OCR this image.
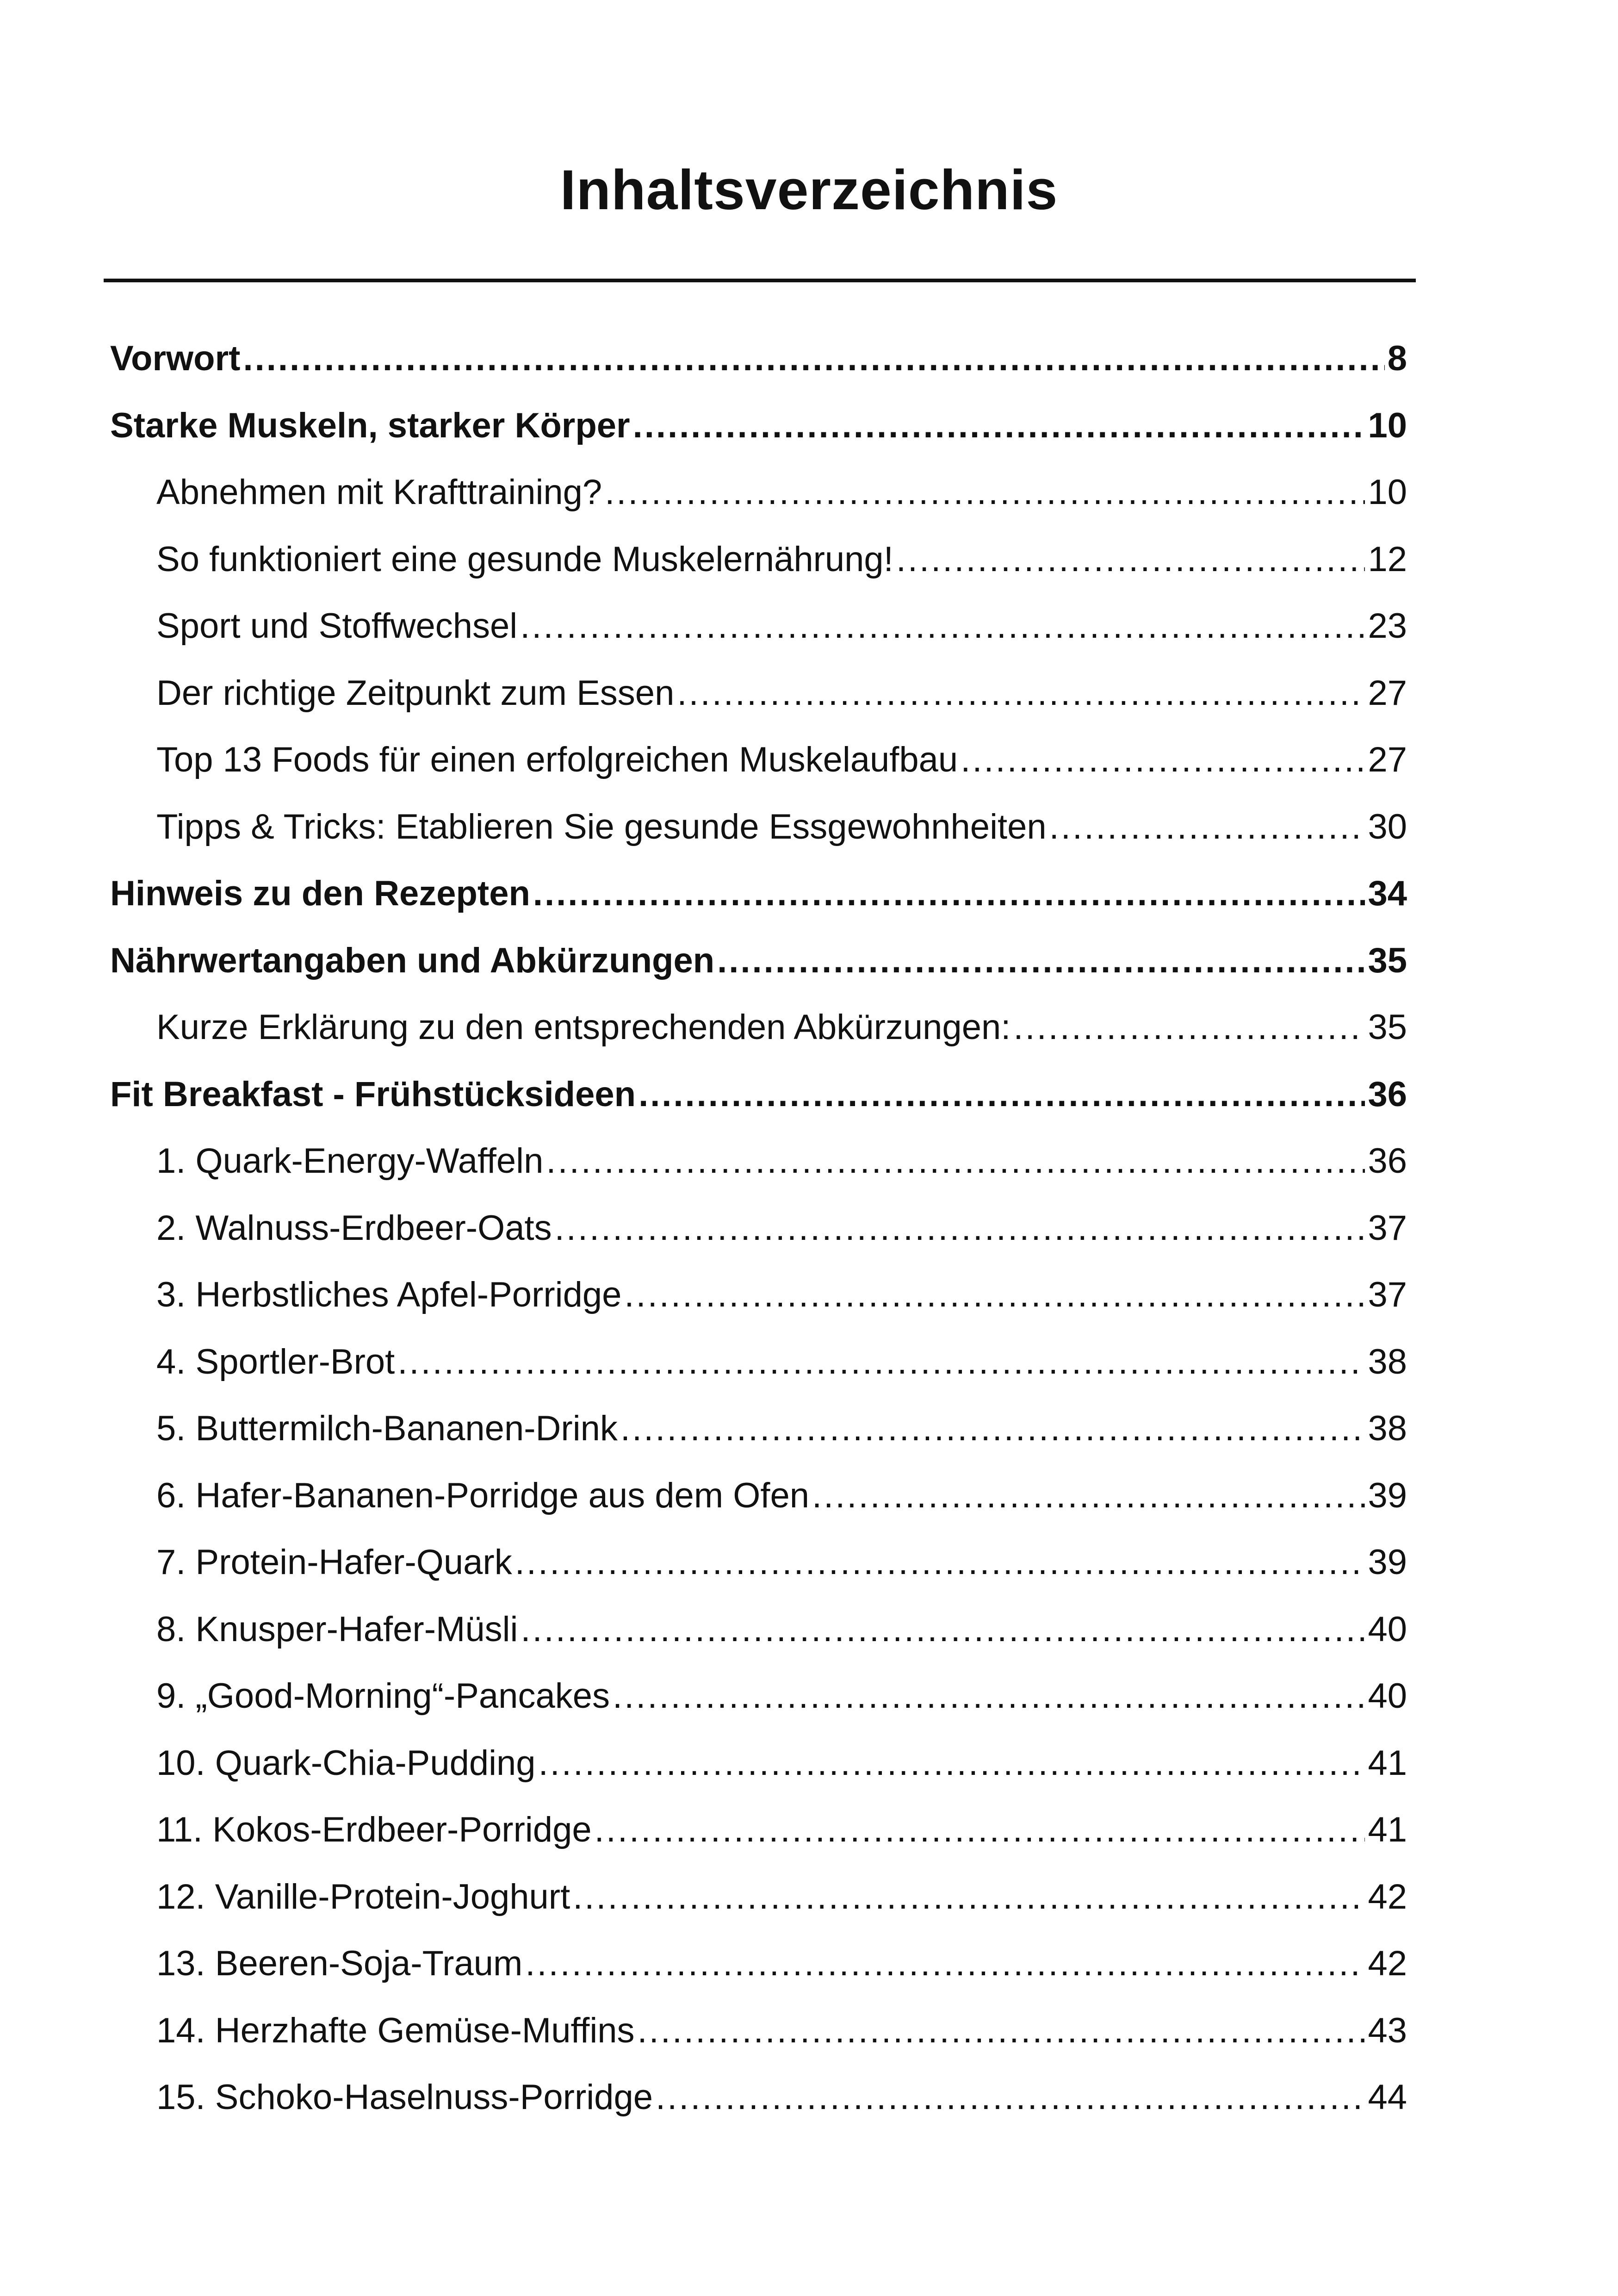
Inhaltsverzeichnis
Vorwort .....	8
Starke Muskeln, starker Körper .....	10
Abnehmen mit Krafttraining? .....	10
So funktioniert eine gesunde Muskelernährung! .....	12
Sport und Stoffwechsel .....	23
Der richtige Zeitpunkt zum Essen .....	27
Top 13 Foods für einen erfolgreichen Muskelaufbau .....	27
Tipps & Tricks: Etablieren Sie gesunde Essgewohnheiten .....	30
Hinweis zu den Rezepten .....	34
Nährwertangaben und Abkürzungen .....	35
Kurze Erklärung zu den entsprechenden Abkürzungen: .....	35
Fit Breakfast - Frühstücksideen .....	36
1. Quark-Energy-Waffeln .....	36
2. Walnuss-Erdbeer-Oats .....	37
3. Herbstliches Apfel-Porridge .....	37
4. Sportler-Brot .....	38
5. Buttermilch-Bananen-Drink .....	38
6. Hafer-Bananen-Porridge aus dem Ofen .....	39
7. Protein-Hafer-Quark .....	39
8. Knusper-Hafer-Müsli .....	40
9. „Good-Morning“-Pancakes .....	40
10. Quark-Chia-Pudding .....	41
11. Kokos-Erdbeer-Porridge .....	41
12. Vanille-Protein-Joghurt .....	42
13. Beeren-Soja-Traum .....	42
14. Herzhafte Gemüse-Muffins .....	43
15. Schoko-Haselnuss-Porridge .....	44
